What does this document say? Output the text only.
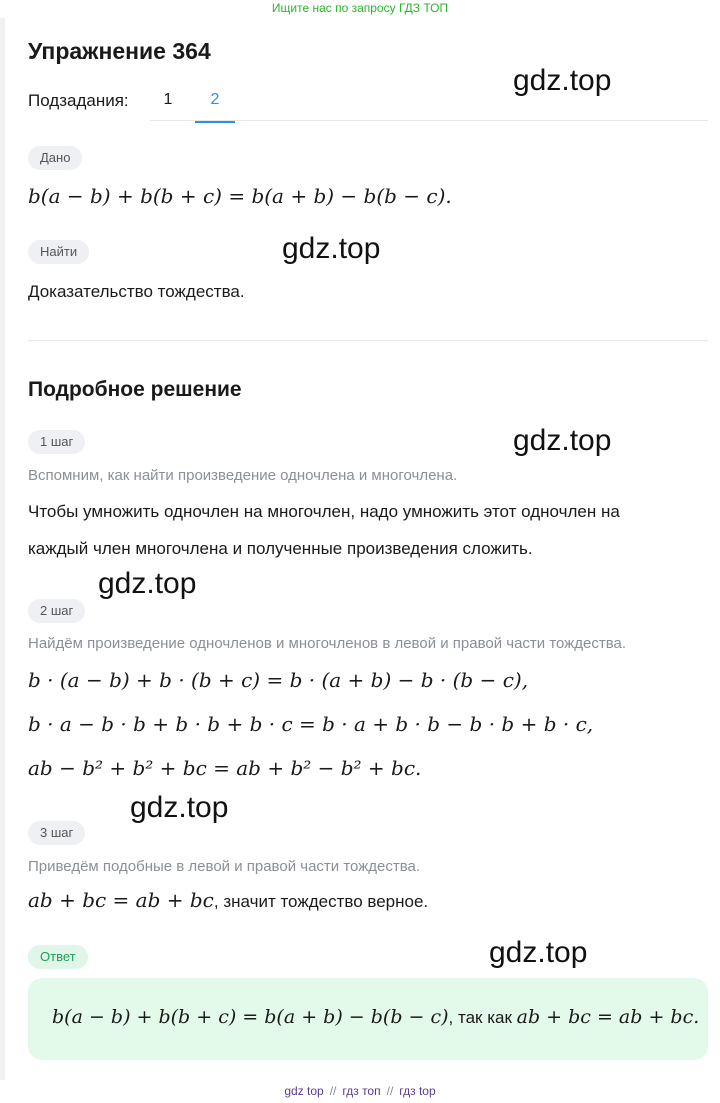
Ищите нас по запросу ГДЗ ТОП
Упражнение 364
Подзадания:	1	2
Дано
b(a − b) + b(b + c) = b(a + b) − b(b − c).
Найти
Доказательство тождества.
Подробное решение
1 шаг
Вспомним, как найти произведение одночлена и многочлена.
Чтобы умножить одночлен на многочлен, надо умножить этот одночлен на
каждый член многочлена и полученные произведения сложить.
2 шаг
Найдём произведение одночленов и многочленов в левой и правой части тождества.
b · (a − b) + b · (b + c) = b · (a + b) − b · (b − c),
b · a − b · b + b · b + b · c = b · a + b · b − b · b + b · c,
ab − b² + b² + bc = ab + b² − b² + bc.
3 шаг
Приведём подобные в левой и правой части тождества.
ab + bc = ab + bc, значит тождество верное.
Ответ
b(a − b) + b(b + c) = b(a + b) − b(b − c), так как ab + bc = ab + bc.
gdz.top
gdz.top
gdz.top
gdz.top
gdz.top
gdz.top
gdz top // гдз топ // гдз top
